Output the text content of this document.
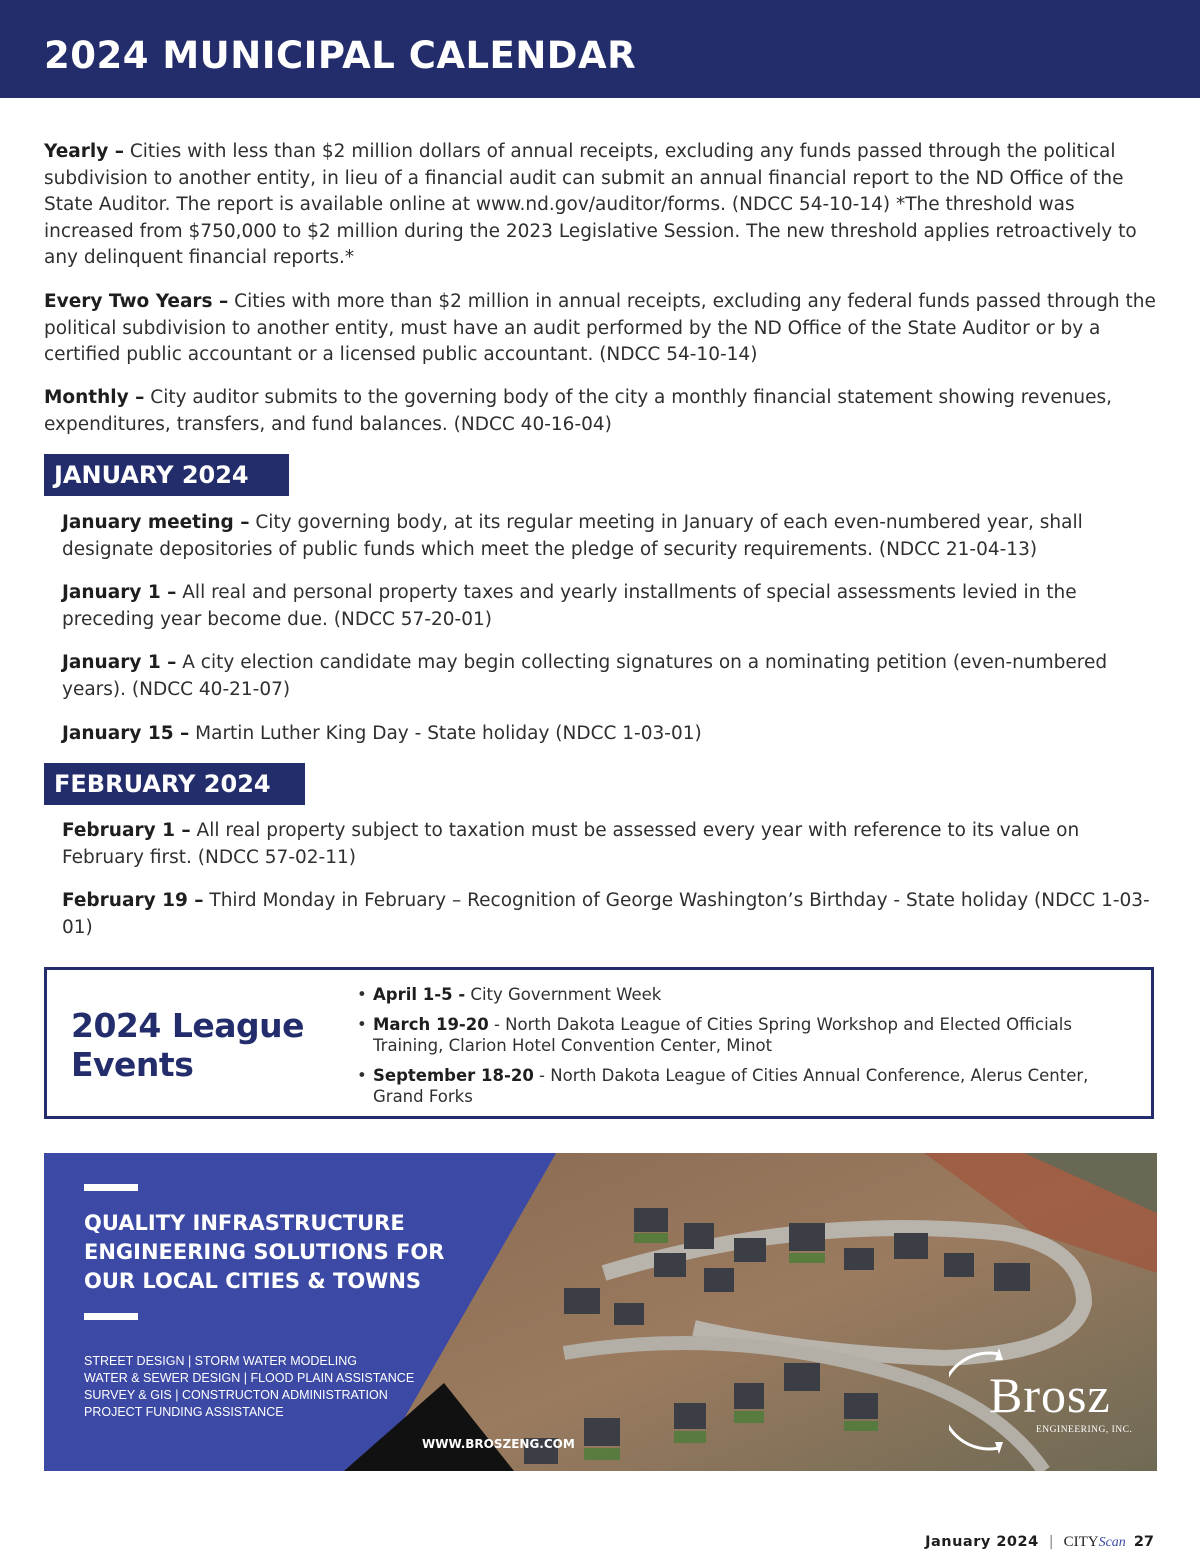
2024 MUNICIPAL CALENDAR

Yearly – Cities with less than $2 million dollars of annual receipts, excluding any funds passed through the political subdivision to another entity, in lieu of a financial audit can submit an annual financial report to the ND Office of the State Auditor. The report is available online at www.nd.gov/auditor/forms. (NDCC 54-10-14) *The threshold was increased from $750,000 to $2 million during the 2023 Legislative Session. The new threshold applies retroactively to any delinquent financial reports.*

Every Two Years – Cities with more than $2 million in annual receipts, excluding any federal funds passed through the political subdivision to another entity, must have an audit performed by the ND Office of the State Auditor or by a certified public accountant or a licensed public accountant. (NDCC 54-10-14)

Monthly – City auditor submits to the governing body of the city a monthly financial statement showing revenues, expenditures, transfers, and fund balances. (NDCC 40-16-04)

JANUARY 2024

January meeting – City governing body, at its regular meeting in January of each even-numbered year, shall designate depositories of public funds which meet the pledge of security requirements. (NDCC 21-04-13)

January 1 – All real and personal property taxes and yearly installments of special assessments levied in the preceding year become due. (NDCC 57-20-01)

January 1 – A city election candidate may begin collecting signatures on a nominating petition (even-numbered years). (NDCC 40-21-07)

January 15 – Martin Luther King Day - State holiday (NDCC 1-03-01)

FEBRUARY 2024

February 1 – All real property subject to taxation must be assessed every year with reference to its value on February first. (NDCC 57-02-11)

February 19 – Third Monday in February – Recognition of George Washington’s Birthday - State holiday (NDCC 1-03-01)

2024 League
Events
• April 1-5 - City Government Week
• March 19-20 - North Dakota League of Cities Spring Workshop and Elected Officials Training, Clarion Hotel Convention Center, Minot
• September 18-20 - North Dakota League of Cities Annual Conference, Alerus Center, Grand Forks
QUALITY INFRASTRUCTURE
ENGINEERING SOLUTIONS FOR
OUR LOCAL CITIES & TOWNS
STREET DESIGN | STORM WATER MODELING
WATER & SEWER DESIGN | FLOOD PLAIN ASSISTANCE
SURVEY & GIS | CONSTRUCTON ADMINISTRATION
PROJECT FUNDING ASSISTANCE
WWW.BROSZENG.COM
Brosz
ENGINEERING, INC.
January 2024 | CITYScan 27
